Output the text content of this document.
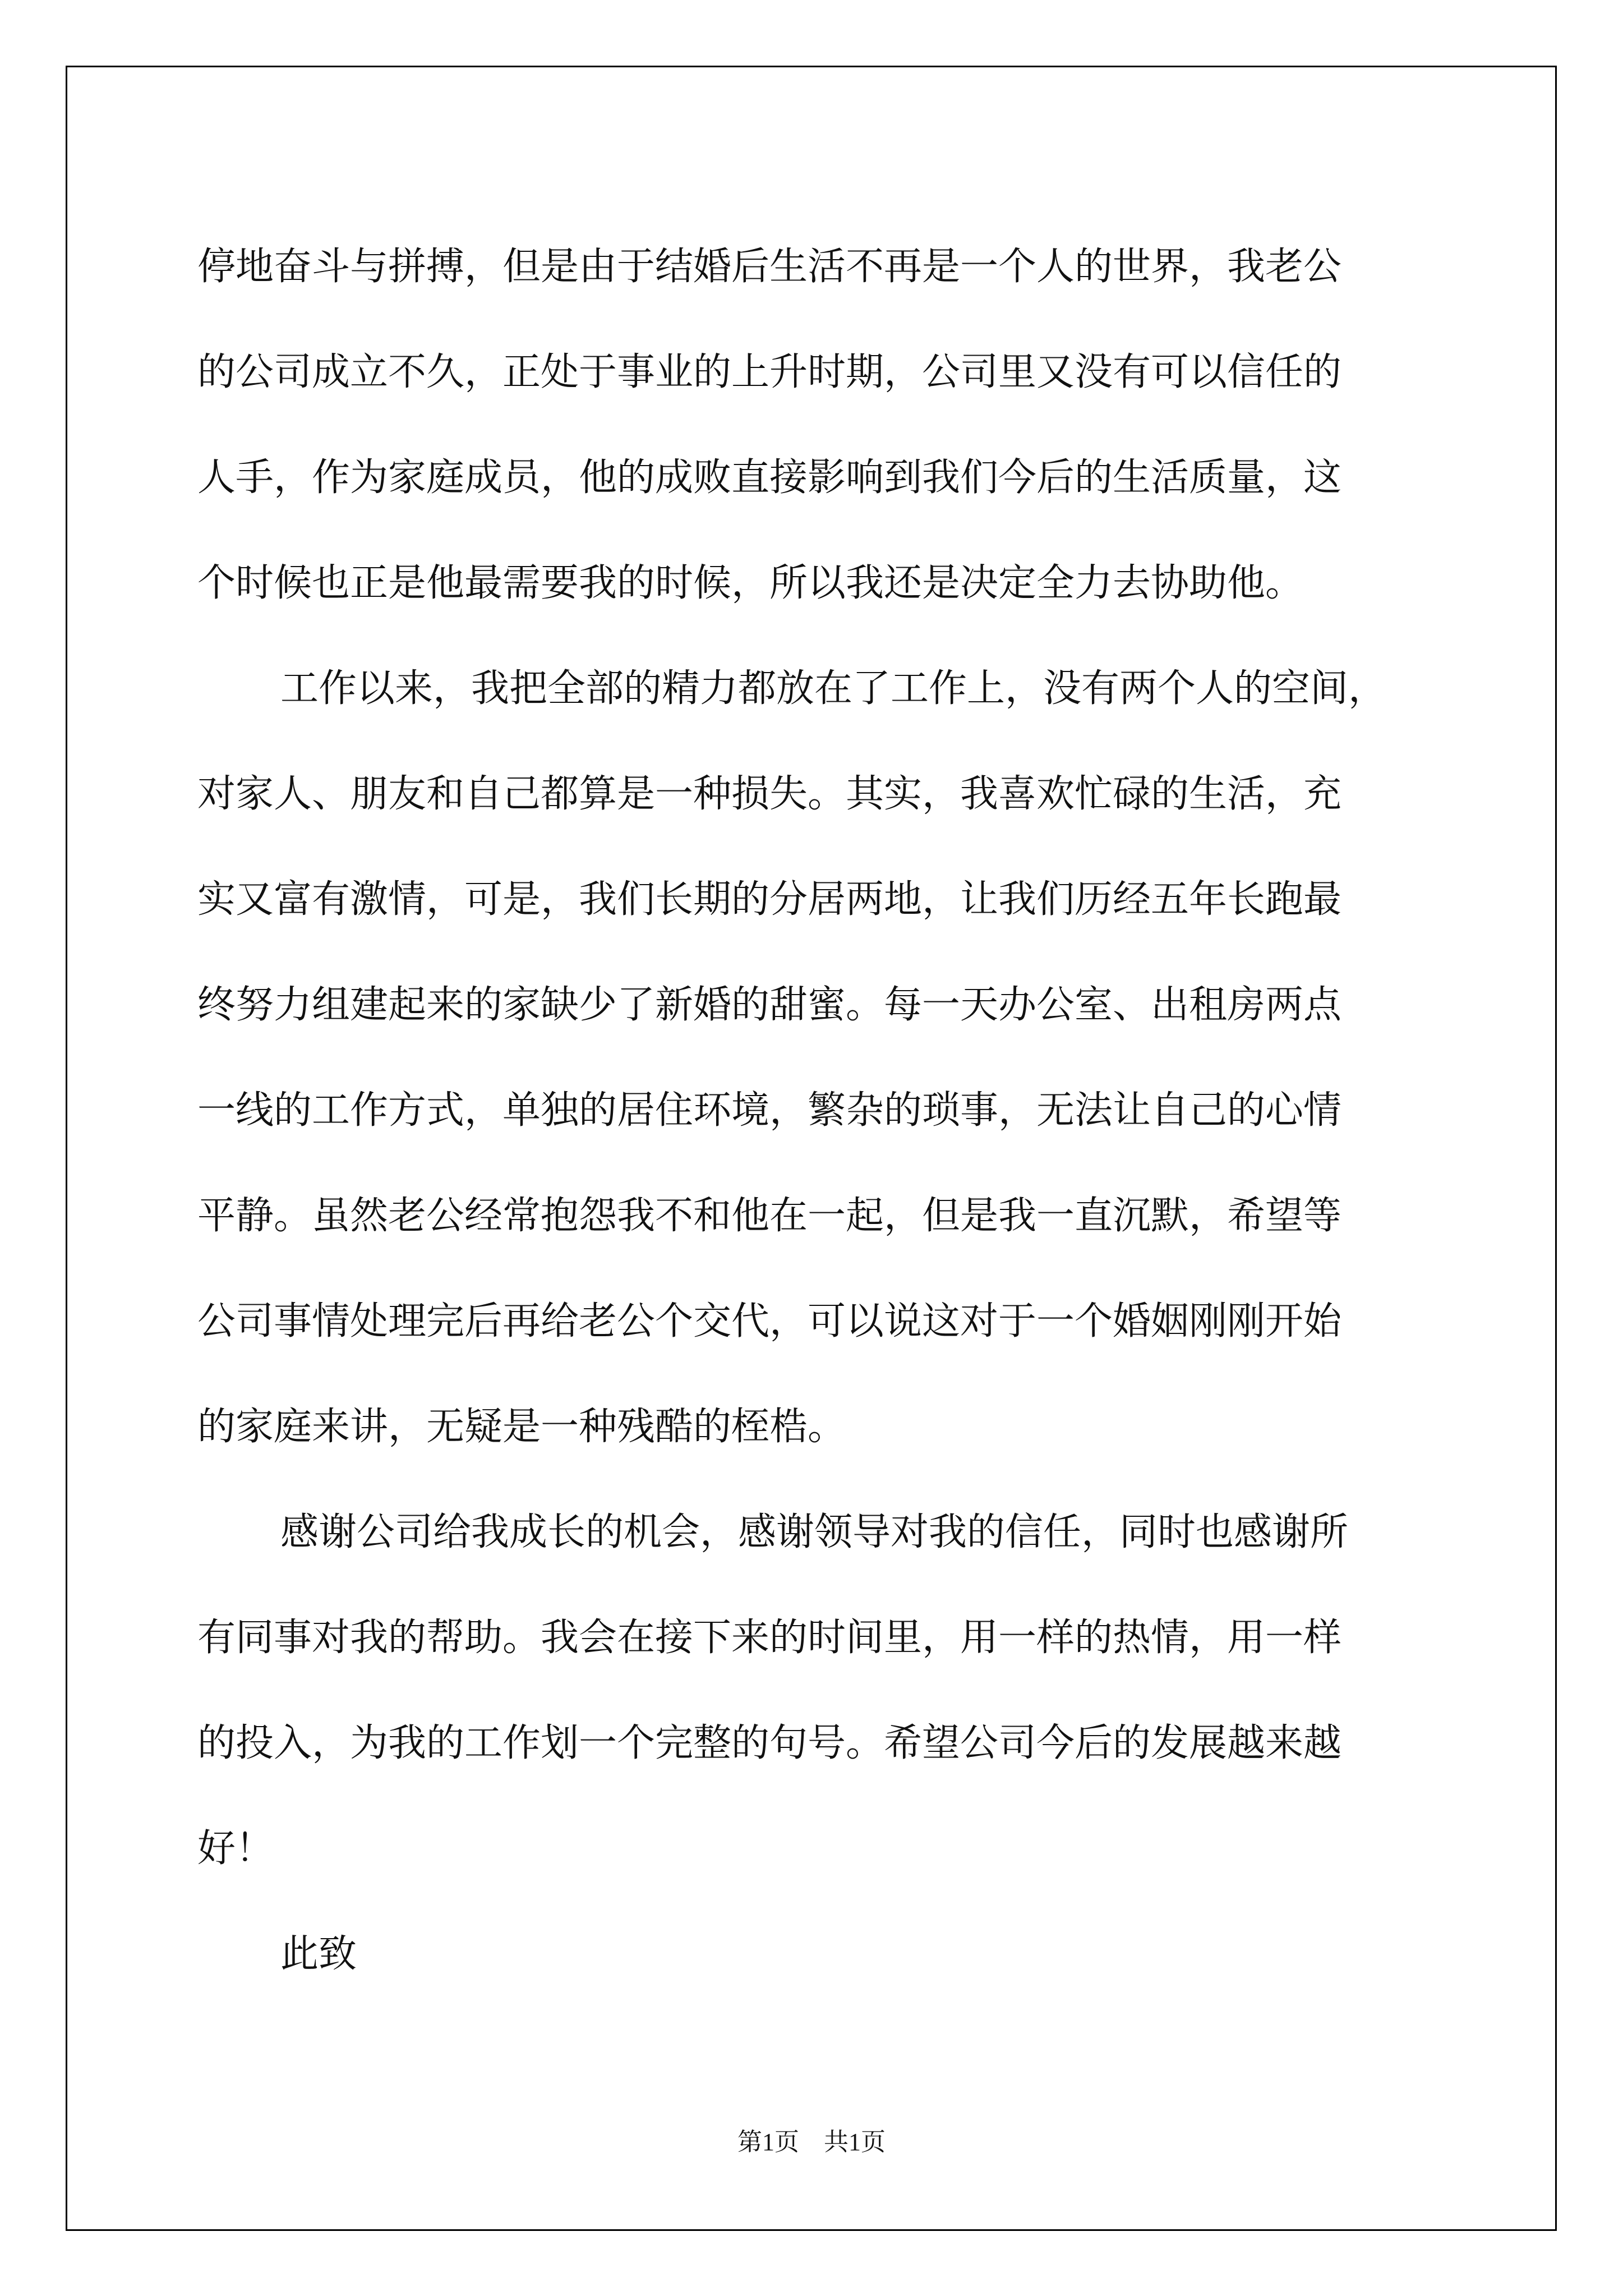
停地奋斗与拼搏，但是由于结婚后生活不再是一个人的世界，我老公
的公司成立不久，正处于事业的上升时期，公司里又没有可以信任的
人手，作为家庭成员，他的成败直接影响到我们今后的生活质量，这
个时候也正是他最需要我的时候，所以我还是决定全力去协助他。
工作以来，我把全部的精力都放在了工作上，没有两个人的空间，
对家人、朋友和自己都算是一种损失。其实，我喜欢忙碌的生活，充
实又富有激情，可是，我们长期的分居两地，让我们历经五年长跑最
终努力组建起来的家缺少了新婚的甜蜜。每一天办公室、出租房两点
一线的工作方式，单独的居住环境，繁杂的琐事，无法让自己的心情
平静。虽然老公经常抱怨我不和他在一起，但是我一直沉默，希望等
公司事情处理完后再给老公个交代，可以说这对于一个婚姻刚刚开始
的家庭来讲，无疑是一种残酷的桎梏。
感谢公司给我成长的机会，感谢领导对我的信任，同时也感谢所
有同事对我的帮助。我会在接下来的时间里，用一样的热情，用一样
的投入，为我的工作划一个完整的句号。希望公司今后的发展越来越
好！
此致
第1页　共1页
